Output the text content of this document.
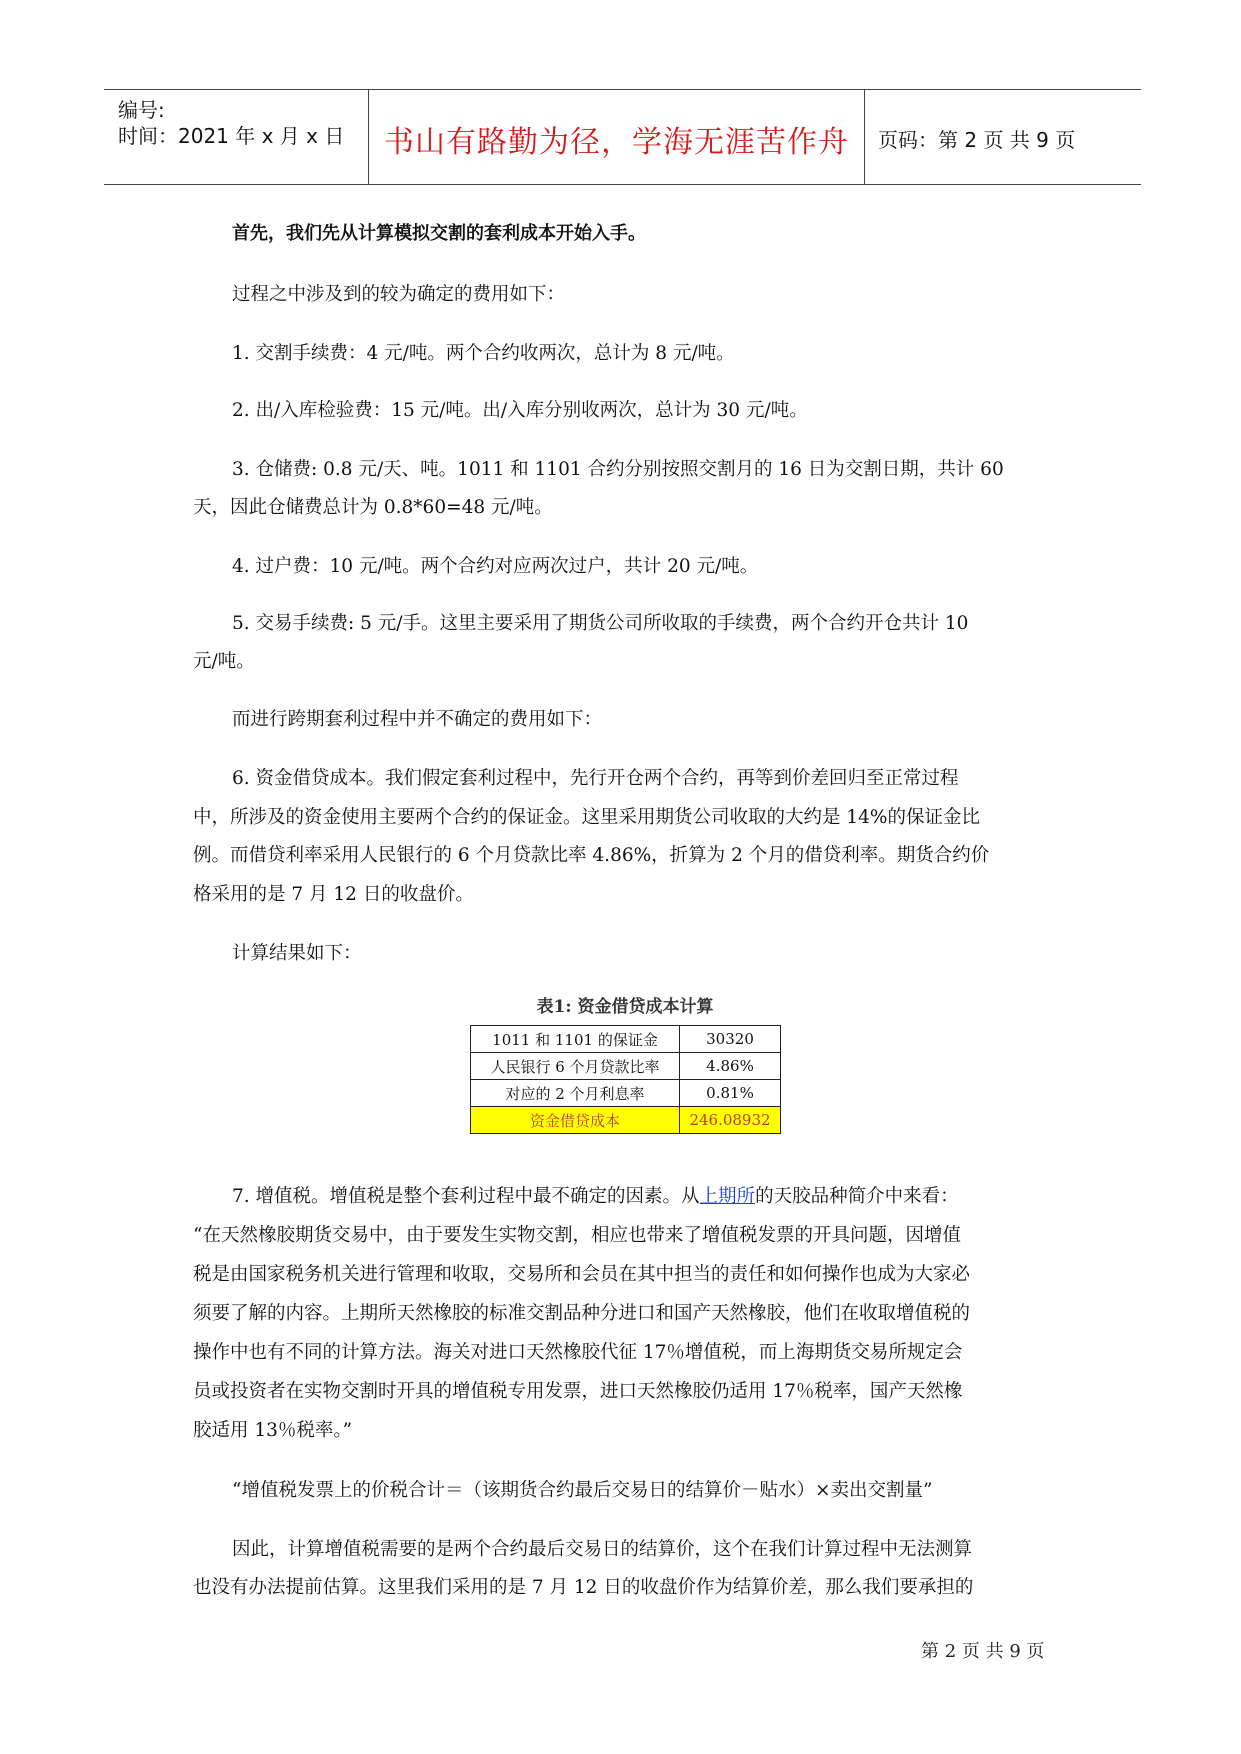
编号:
时间：2021 年 x 月 x 日	书山有路勤为径，学海无涯苦作舟	页码：第 2 页 共 9 页
首先，我们先从计算模拟交割的套利成本开始入手。
过程之中涉及到的较为确定的费用如下：
1. 交割手续费：4 元/吨。两个合约收两次，总计为 8 元/吨。
2. 出/入库检验费：15 元/吨。出/入库分别收两次，总计为 30 元/吨。
3. 仓储费: 0.8 元/天、吨。1011 和 1101 合约分别按照交割月的 16 日为交割日期，共计 60
天，因此仓储费总计为 0.8*60=48 元/吨。
4. 过户费：10 元/吨。两个合约对应两次过户，共计 20 元/吨。
5. 交易手续费: 5 元/手。这里主要采用了期货公司所收取的手续费，两个合约开仓共计 10
元/吨。
而进行跨期套利过程中并不确定的费用如下：
6. 资金借贷成本。我们假定套利过程中，先行开仓两个合约，再等到价差回归至正常过程
中，所涉及的资金使用主要两个合约的保证金。这里采用期货公司收取的大约是 14%的保证金比
例。而借贷利率采用人民银行的 6 个月贷款比率 4.86%，折算为 2 个月的借贷利率。期货合约价
格采用的是 7 月 12 日的收盘价。
计算结果如下：
表1: 资金借贷成本计算
1011 和 1101 的保证金	30320
人民银行 6 个月贷款比率	4.86%
对应的 2 个月利息率	0.81%
资金借贷成本	246.08932
7. 增值税。增值税是整个套利过程中最不确定的因素。从上期所的天胶品种简介中来看：
“在天然橡胶期货交易中，由于要发生实物交割，相应也带来了增值税发票的开具问题，因增值
税是由国家税务机关进行管理和收取，交易所和会员在其中担当的责任和如何操作也成为大家必
须要了解的内容。上期所天然橡胶的标准交割品种分进口和国产天然橡胶，他们在收取增值税的
操作中也有不同的计算方法。海关对进口天然橡胶代征 17％增值税，而上海期货交易所规定会
员或投资者在实物交割时开具的增值税专用发票，进口天然橡胶仍适用 17％税率，国产天然橡
胶适用 13％税率。”
“增值税发票上的价税合计＝（该期货合约最后交易日的结算价－贴水）×卖出交割量”
因此，计算增值税需要的是两个合约最后交易日的结算价，这个在我们计算过程中无法测算
也没有办法提前估算。这里我们采用的是 7 月 12 日的收盘价作为结算价差，那么我们要承担的
第 2 页 共 9 页
